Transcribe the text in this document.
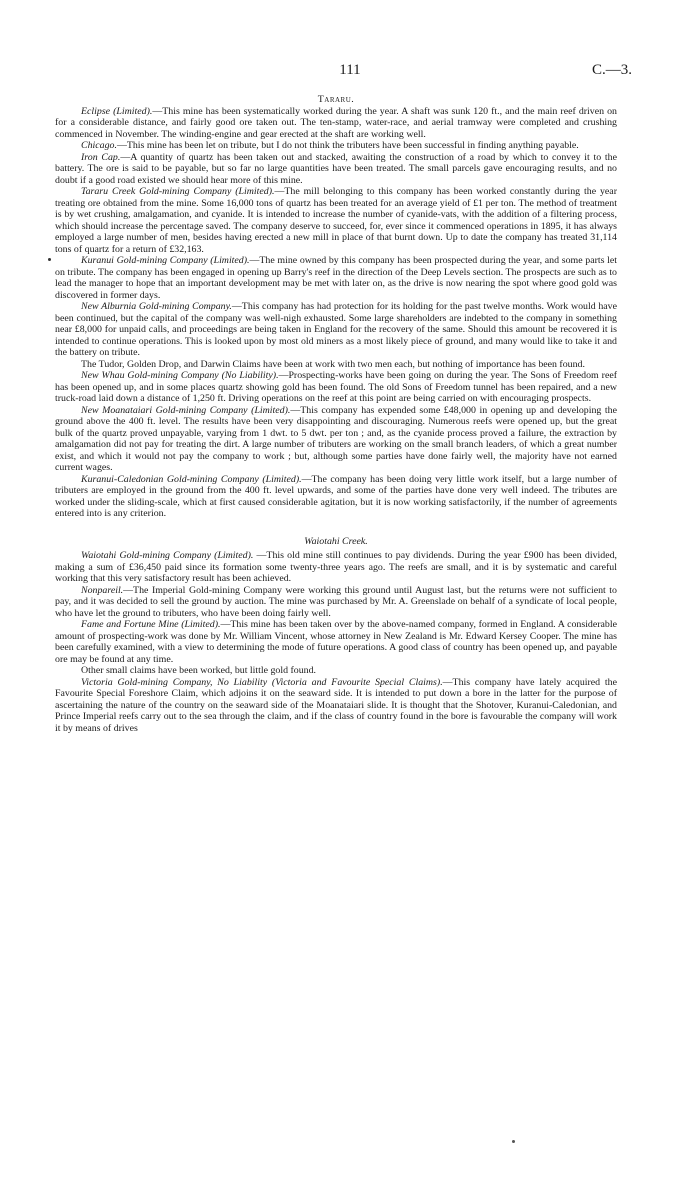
111	C.—3.

Tararu.

Eclipse (Limited).—This mine has been systematically worked during the year. A shaft was sunk 120 ft., and the main reef driven on for a considerable distance, and fairly good ore taken out. The ten-stamp, water-race, and aerial tramway were completed and crushing commenced in November. The winding-engine and gear erected at the shaft are working well.

Chicago.—This mine has been let on tribute, but I do not think the tributers have been successful in finding anything payable.

Iron Cap.—A quantity of quartz has been taken out and stacked, awaiting the construction of a road by which to convey it to the battery. The ore is said to be payable, but so far no large quantities have been treated. The small parcels gave encouraging results, and no doubt if a good road existed we should hear more of this mine.

Tararu Creek Gold-mining Company (Limited).—The mill belonging to this company has been worked constantly during the year treating ore obtained from the mine. Some 16,000 tons of quartz has been treated for an average yield of £1 per ton. The method of treatment is by wet crushing, amalgamation, and cyanide. It is intended to increase the number of cyanide-vats, with the addition of a filtering process, which should increase the percentage saved. The company deserve to succeed, for, ever since it commenced operations in 1895, it has always employed a large number of men, besides having erected a new mill in place of that burnt down. Up to date the company has treated 31,114 tons of quartz for a return of £32,163.

Kuranui Gold-mining Company (Limited).—The mine owned by this company has been prospected during the year, and some parts let on tribute. The company has been engaged in opening up Barry's reef in the direction of the Deep Levels section. The prospects are such as to lead the manager to hope that an important development may be met with later on, as the drive is now nearing the spot where good gold was discovered in former days.

New Alburnia Gold-mining Company.—This company has had protection for its holding for the past twelve months. Work would have been continued, but the capital of the company was well-nigh exhausted. Some large shareholders are indebted to the company in something near £8,000 for unpaid calls, and proceedings are being taken in England for the recovery of the same. Should this amount be recovered it is intended to continue operations. This is looked upon by most old miners as a most likely piece of ground, and many would like to take it and the battery on tribute.

The Tudor, Golden Drop, and Darwin Claims have been at work with two men each, but nothing of importance has been found.

New Whau Gold-mining Company (No Liability).—Prospecting-works have been going on during the year. The Sons of Freedom reef has been opened up, and in some places quartz showing gold has been found. The old Sons of Freedom tunnel has been repaired, and a new truck-road laid down a distance of 1,250 ft. Driving operations on the reef at this point are being carried on with encouraging prospects.

New Moanataiari Gold-mining Company (Limited).—This company has expended some £48,000 in opening up and developing the ground above the 400 ft. level. The results have been very disappointing and discouraging. Numerous reefs were opened up, but the great bulk of the quartz proved unpayable, varying from 1 dwt. to 5 dwt. per ton ; and, as the cyanide process proved a failure, the extraction by amalgamation did not pay for treating the dirt. A large number of tributers are working on the small branch leaders, of which a great number exist, and which it would not pay the company to work ; but, although some parties have done fairly well, the majority have not earned current wages.

Kuranui-Caledonian Gold-mining Company (Limited).—The company has been doing very little work itself, but a large number of tributers are employed in the ground from the 400 ft. level upwards, and some of the parties have done very well indeed. The tributes are worked under the sliding-scale, which at first caused considerable agitation, but it is now working satisfactorily, if the number of agreements entered into is any criterion.

Waiotahi Creek.

Waiotahi Gold-mining Company (Limited). —This old mine still continues to pay dividends. During the year £900 has been divided, making a sum of £36,450 paid since its formation some twenty-three years ago. The reefs are small, and it is by systematic and careful working that this very satisfactory result has been achieved.

Nonpareil.—The Imperial Gold-mining Company were working this ground until August last, but the returns were not sufficient to pay, and it was decided to sell the ground by auction. The mine was purchased by Mr. A. Greenslade on behalf of a syndicate of local people, who have let the ground to tributers, who have been doing fairly well.

Fame and Fortune Mine (Limited).—This mine has been taken over by the above-named company, formed in England. A considerable amount of prospecting-work was done by Mr. William Vincent, whose attorney in New Zealand is Mr. Edward Kersey Cooper. The mine has been carefully examined, with a view to determining the mode of future operations. A good class of country has been opened up, and payable ore may be found at any time.

Other small claims have been worked, but little gold found.

Victoria Gold-mining Company, No Liability (Victoria and Favourite Special Claims).—This company have lately acquired the Favourite Special Foreshore Claim, which adjoins it on the seaward side. It is intended to put down a bore in the latter for the purpose of ascertaining the nature of the country on the seaward side of the Moanataiari slide. It is thought that the Shotover, Kuranui-Caledonian, and Prince Imperial reefs carry out to the sea through the claim, and if the class of country found in the bore is favourable the company will work it by means of drives
